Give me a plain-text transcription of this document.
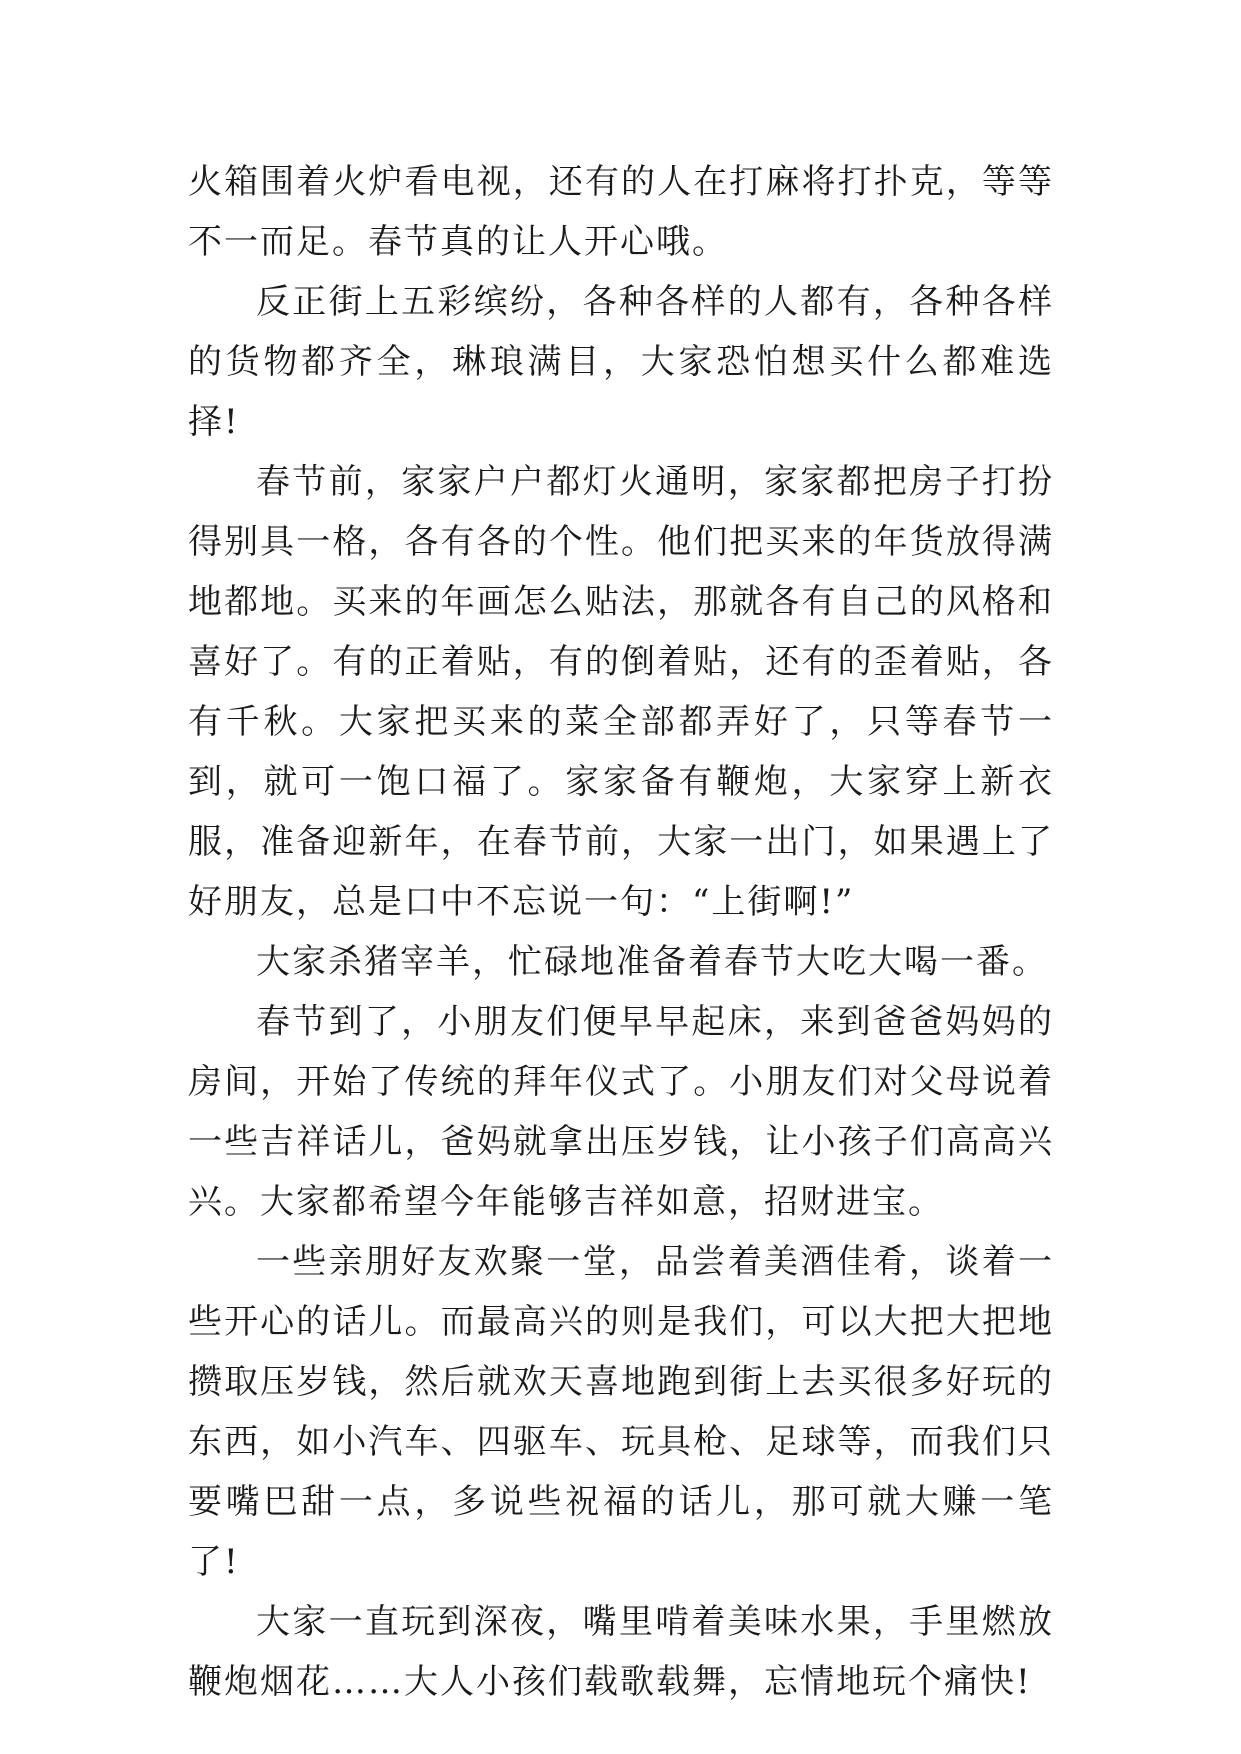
火箱围着火炉看电视，还有的人在打麻将打扑克，等等不一而足。春节真的让人开心哦。

反正街上五彩缤纷，各种各样的人都有，各种各样的货物都齐全，琳琅满目，大家恐怕想买什么都难选择!

春节前，家家户户都灯火通明，家家都把房子打扮得别具一格，各有各的个性。他们把买来的年货放得满地都地。买来的年画怎么贴法，那就各有自己的风格和喜好了。有的正着贴，有的倒着贴，还有的歪着贴，各有千秋。大家把买来的菜全部都弄好了，只等春节一到，就可一饱口福了。家家备有鞭炮，大家穿上新衣服，准备迎新年，在春节前，大家一出门，如果遇上了好朋友，总是口中不忘说一句：“上街啊!”

大家杀猪宰羊，忙碌地准备着春节大吃大喝一番。

春节到了，小朋友们便早早起床，来到爸爸妈妈的房间，开始了传统的拜年仪式了。小朋友们对父母说着一些吉祥话儿，爸妈就拿出压岁钱，让小孩子们高高兴兴。大家都希望今年能够吉祥如意，招财进宝。

一些亲朋好友欢聚一堂，品尝着美酒佳肴，谈着一些开心的话儿。而最高兴的则是我们，可以大把大把地攒取压岁钱，然后就欢天喜地跑到街上去买很多好玩的东西，如小汽车、四驱车、玩具枪、足球等，而我们只要嘴巴甜一点，多说些祝福的话儿，那可就大赚一笔了!

大家一直玩到深夜，嘴里啃着美味水果，手里燃放鞭炮烟花……大人小孩们载歌载舞，忘情地玩个痛快!
